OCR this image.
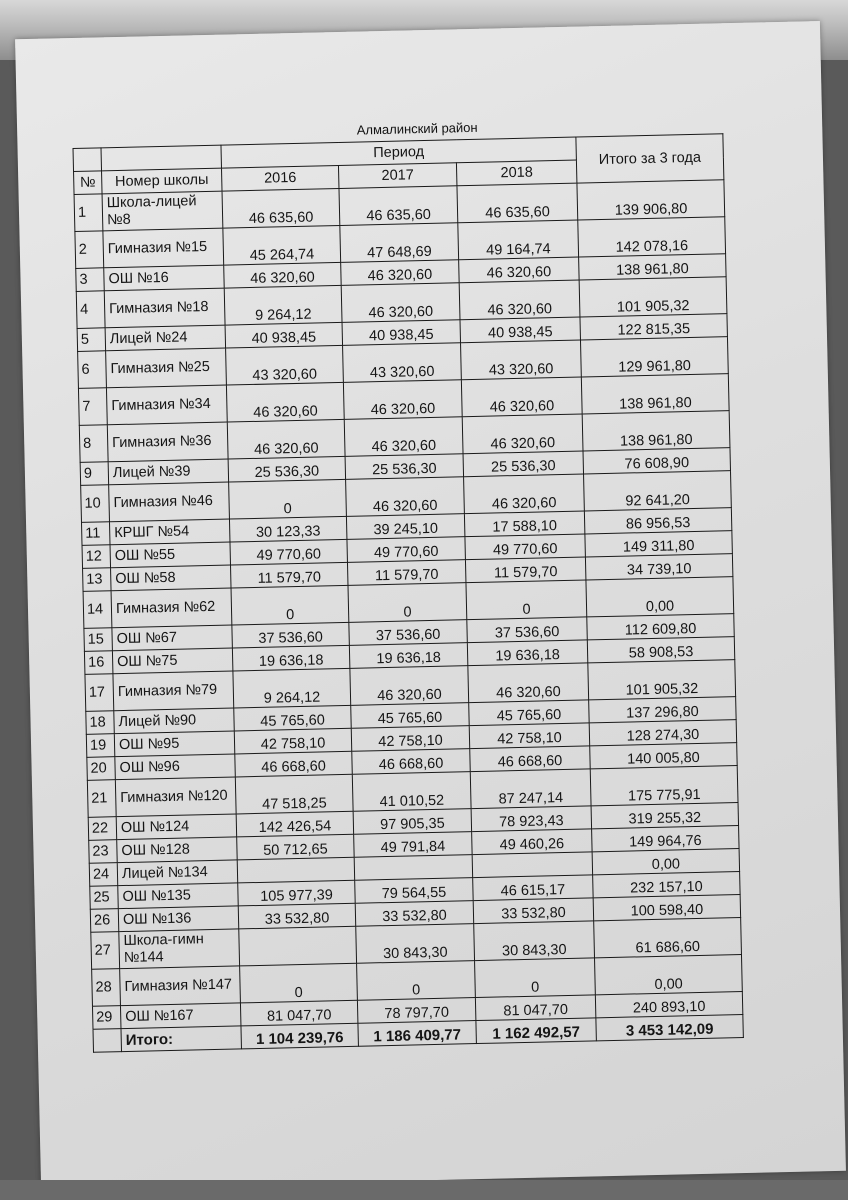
Алмалинский район
		Период			Итого за 3 года
№	Номер школы	2016	2017	2018	
1	Школа-лицей №8	46 635,60	46 635,60	46 635,60	139 906,80
2	Гимназия №15	45 264,74	47 648,69	49 164,74	142 078,16
3	ОШ №16	46 320,60	46 320,60	46 320,60	138 961,80
4	Гимназия №18	9 264,12	46 320,60	46 320,60	101 905,32
5	Лицей №24	40 938,45	40 938,45	40 938,45	122 815,35
6	Гимназия №25	43 320,60	43 320,60	43 320,60	129 961,80
7	Гимназия №34	46 320,60	46 320,60	46 320,60	138 961,80
8	Гимназия №36	46 320,60	46 320,60	46 320,60	138 961,80
9	Лицей №39	25 536,30	25 536,30	25 536,30	76 608,90
10	Гимназия №46	0	46 320,60	46 320,60	92 641,20
11	КРШГ №54	30 123,33	39 245,10	17 588,10	86 956,53
12	ОШ №55	49 770,60	49 770,60	49 770,60	149 311,80
13	ОШ №58	11 579,70	11 579,70	11 579,70	34 739,10
14	Гимназия №62	0	0	0	0,00
15	ОШ №67	37 536,60	37 536,60	37 536,60	112 609,80
16	ОШ №75	19 636,18	19 636,18	19 636,18	58 908,53
17	Гимназия №79	9 264,12	46 320,60	46 320,60	101 905,32
18	Лицей №90	45 765,60	45 765,60	45 765,60	137 296,80
19	ОШ №95	42 758,10	42 758,10	42 758,10	128 274,30
20	ОШ №96	46 668,60	46 668,60	46 668,60	140 005,80
21	Гимназия №120	47 518,25	41 010,52	87 247,14	175 775,91
22	ОШ №124	142 426,54	97 905,35	78 923,43	319 255,32
23	ОШ №128	50 712,65	49 791,84	49 460,26	149 964,76
24	Лицей №134				0,00
25	ОШ №135	105 977,39	79 564,55	46 615,17	232 157,10
26	ОШ №136	33 532,80	33 532,80	33 532,80	100 598,40
27	Школа-гимн №144		30 843,30	30 843,30	61 686,60
28	Гимназия №147	0	0	0	0,00
29	ОШ №167	81 047,70	78 797,70	81 047,70	240 893,10
	Итого:	1 104 239,76	1 186 409,77	1 162 492,57	3 453 142,09
